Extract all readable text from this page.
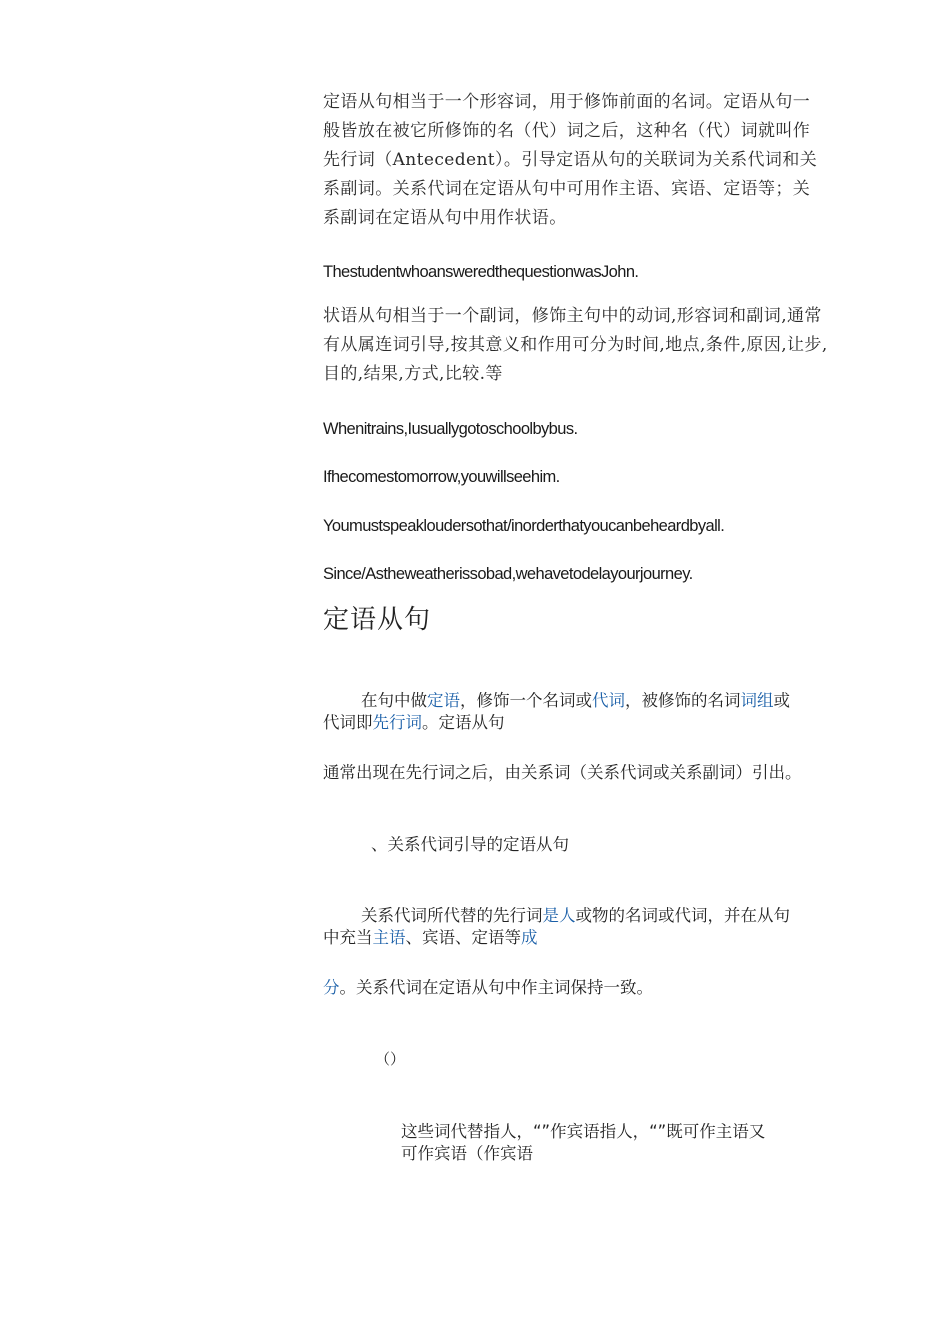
定语从句相当于一个形容词，用于修饰前面的名词。定语从句一
般皆放在被它所修饰的名（代）词之后，这种名（代）词就叫作
先行词（Antecedent）。引导定语从句的关联词为关系代词和关
系副词。关系代词在定语从句中可用作主语、宾语、定语等；关
系副词在定语从句中用作状语。
ThestudentwhoansweredthequestionwasJohn.
状语从句相当于一个副词，修饰主句中的动词,形容词和副词,通常
有从属连词引导,按其意义和作用可分为时间,地点,条件,原因,让步,
目的,结果,方式,比较.等
Whenitrains,Iusuallygotoschoolbybus.
Ifhecomestomorrow,youwillseehim.
Youmustspeakloudersothat/inorderthatyoucanbeheardbyall.
Since/Astheweatherissobad,wehavetodelayourjourney.
定语从句
在句中做定语，修饰一个名词或代词，被修饰的名词词组或
代词即先行词。定语从句
通常出现在先行词之后，由关系词（关系代词或关系副词）引出。
、关系代词引导的定语从句
关系代词所代替的先行词是人或物的名词或代词，并在从句
中充当主语、宾语、定语等成
分。关系代词在定语从句中作主词保持一致。
（）
这些词代替指人，“”作宾语指人，“”既可作主语又
可作宾语（作宾语
